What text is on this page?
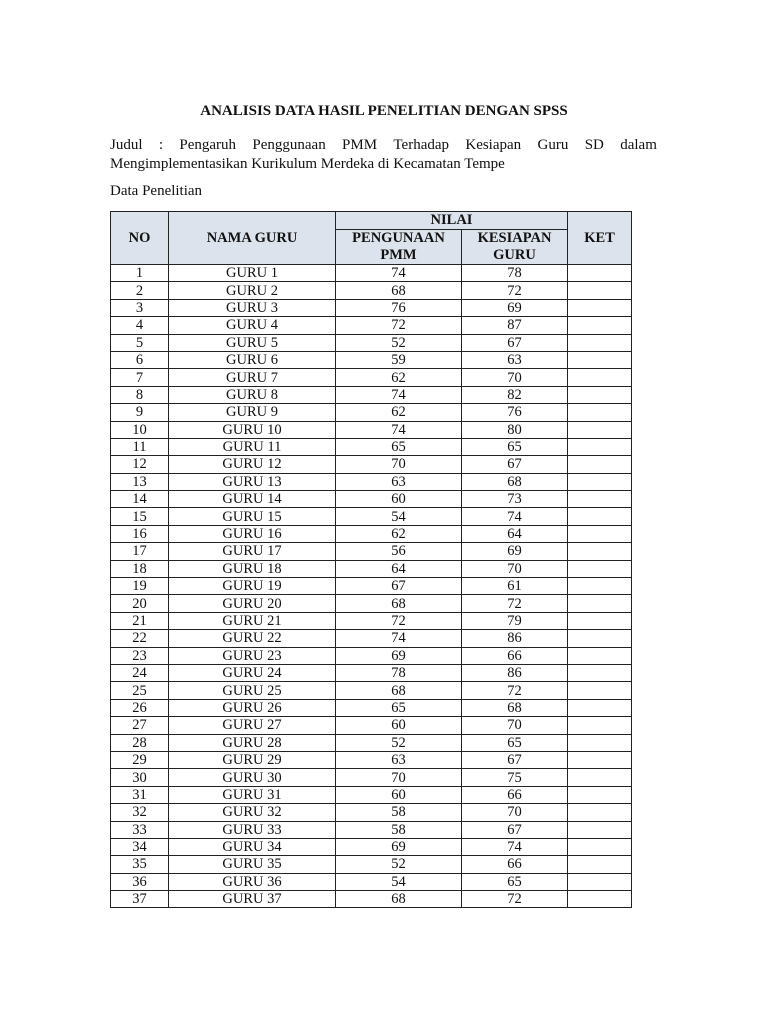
ANALISIS DATA HASIL PENELITIAN DENGAN SPSS
Judul : Pengaruh Penggunaan PMM Terhadap Kesiapan Guru SD dalam
Mengimplementasikan Kurikulum Merdeka di Kecamatan Tempe
Data Penelitian
NO	NAMA GURU	NILAI		KET
		PENGUNAAN PMM	KESIAPAN GURU	
1	GURU 1	74	78	
2	GURU 2	68	72	
3	GURU 3	76	69	
4	GURU 4	72	87	
5	GURU 5	52	67	
6	GURU 6	59	63	
7	GURU 7	62	70	
8	GURU 8	74	82	
9	GURU 9	62	76	
10	GURU 10	74	80	
11	GURU 11	65	65	
12	GURU 12	70	67	
13	GURU 13	63	68	
14	GURU 14	60	73	
15	GURU 15	54	74	
16	GURU 16	62	64	
17	GURU 17	56	69	
18	GURU 18	64	70	
19	GURU 19	67	61	
20	GURU 20	68	72	
21	GURU 21	72	79	
22	GURU 22	74	86	
23	GURU 23	69	66	
24	GURU 24	78	86	
25	GURU 25	68	72	
26	GURU 26	65	68	
27	GURU 27	60	70	
28	GURU 28	52	65	
29	GURU 29	63	67	
30	GURU 30	70	75	
31	GURU 31	60	66	
32	GURU 32	58	70	
33	GURU 33	58	67	
34	GURU 34	69	74	
35	GURU 35	52	66	
36	GURU 36	54	65	
37	GURU 37	68	72	
